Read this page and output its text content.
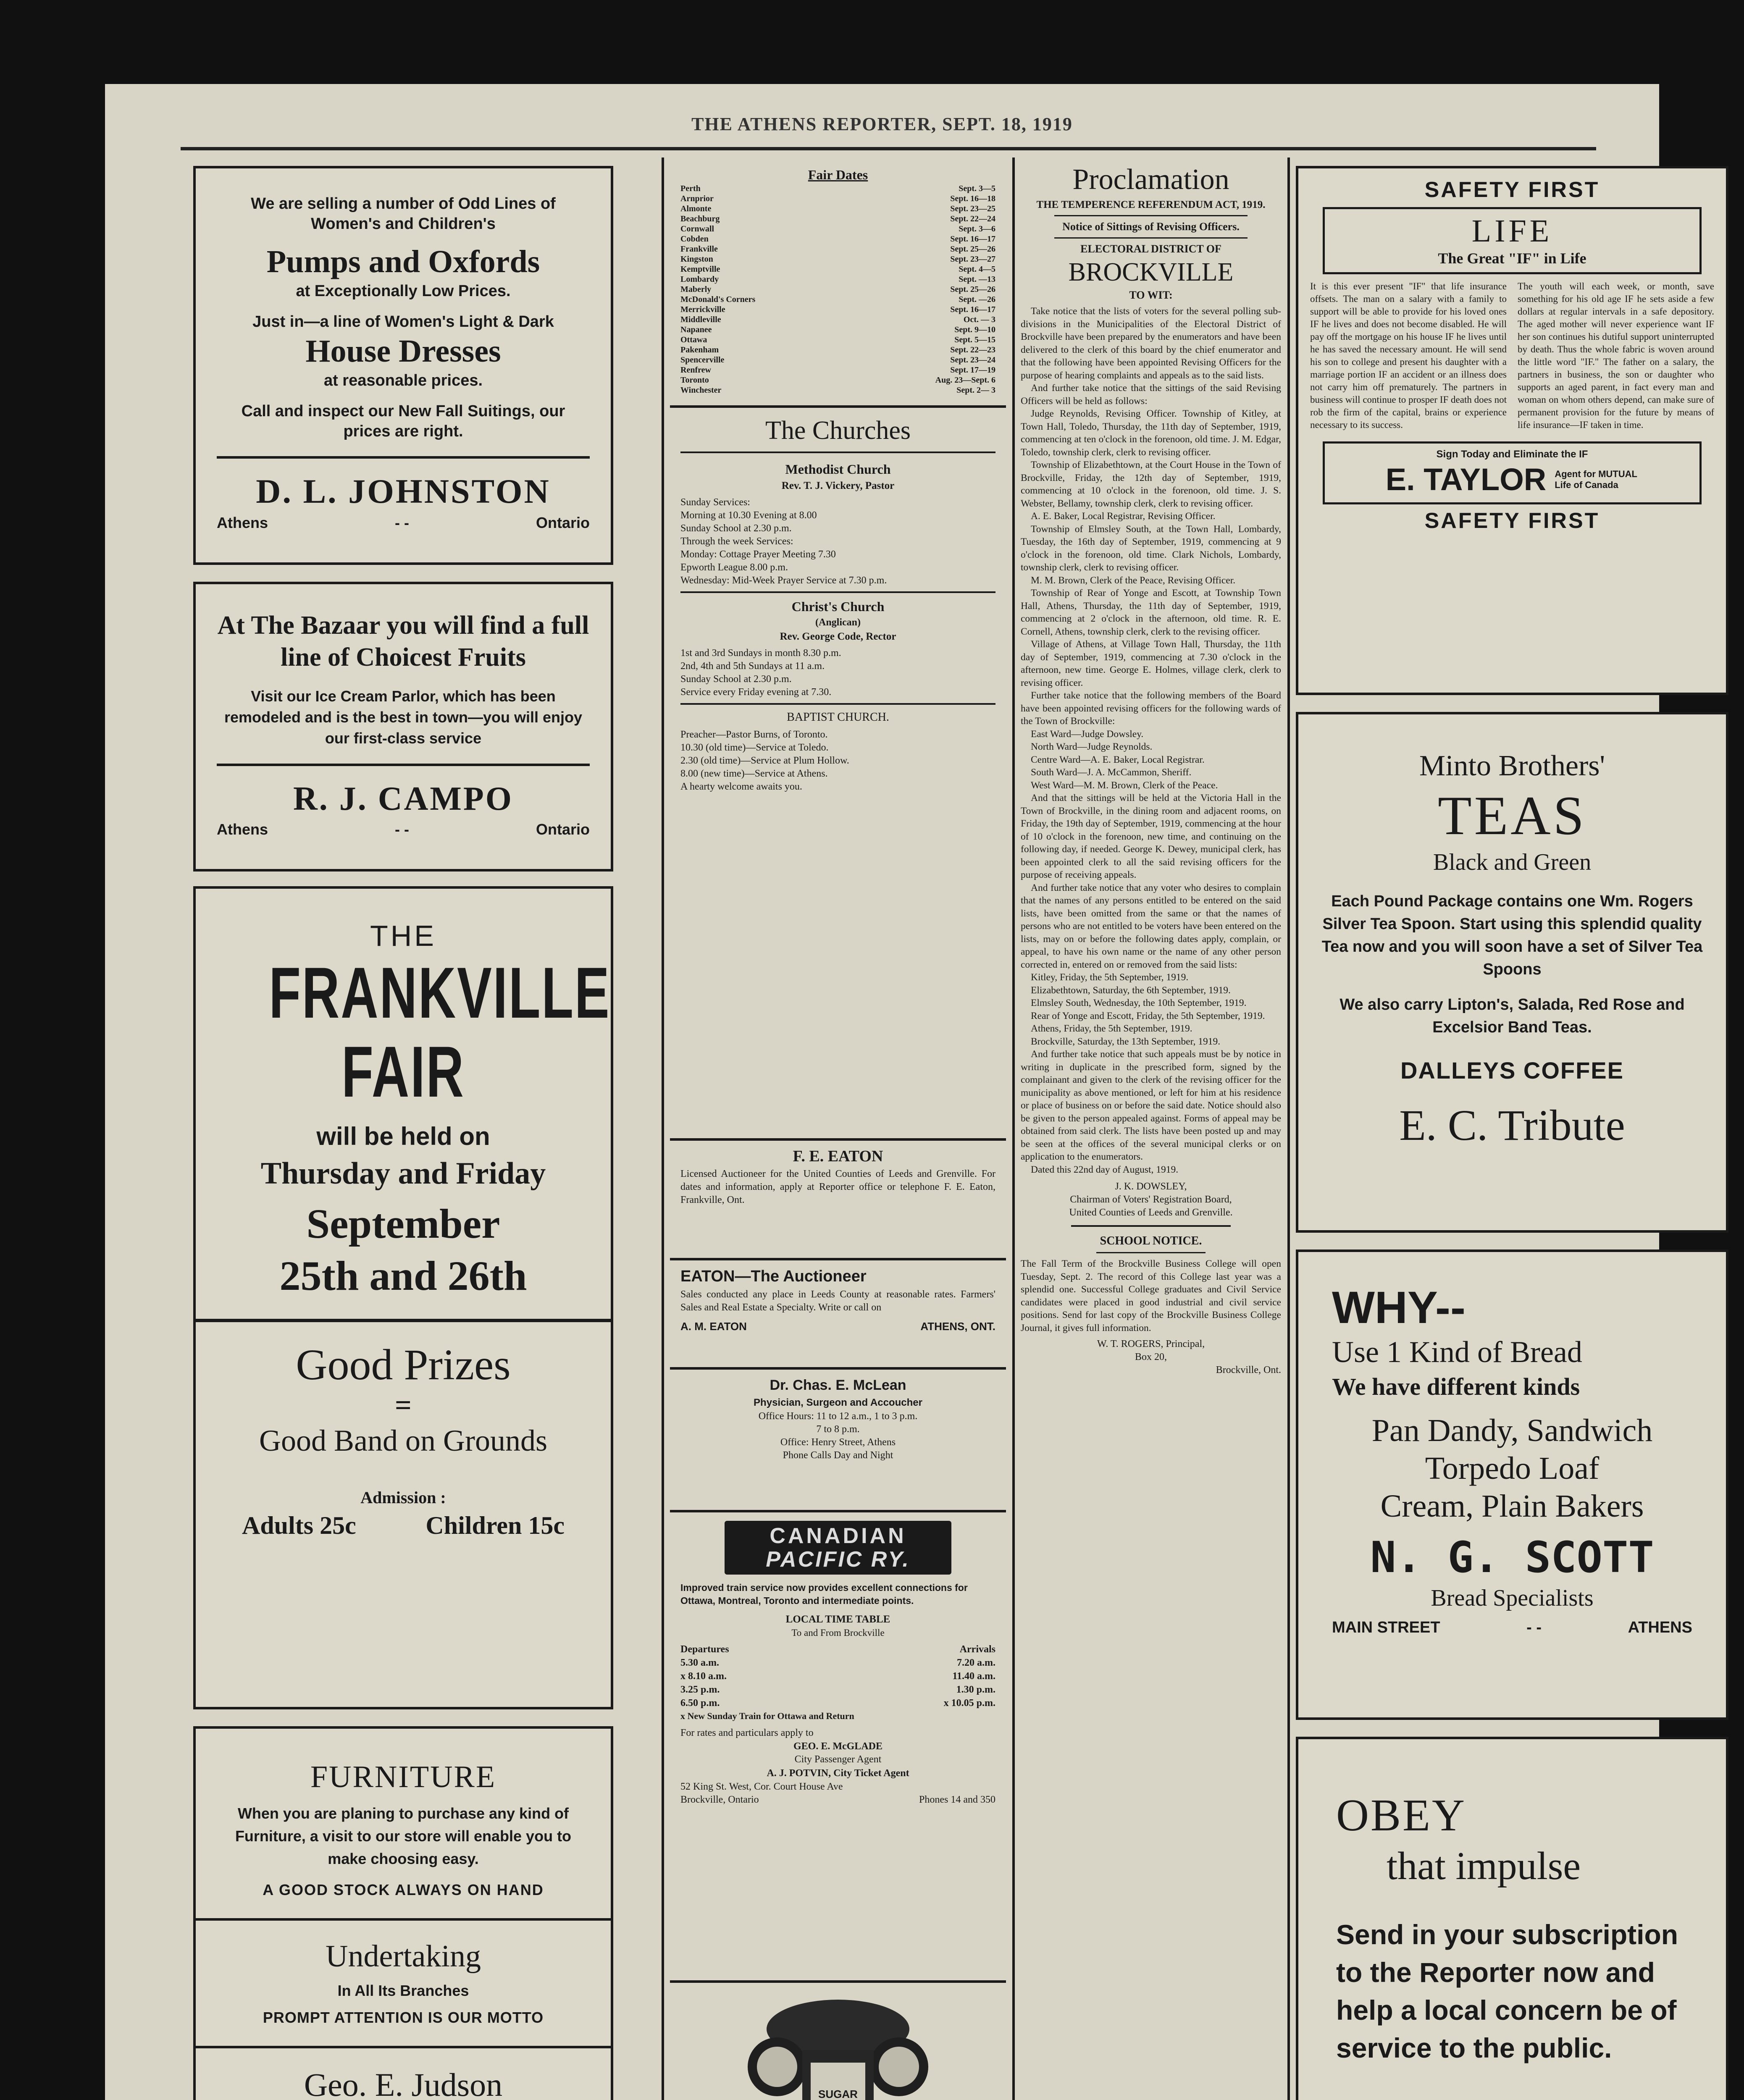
THE ATHENS REPORTER, SEPT. 18, 1919

We are selling a number of Odd Lines of Women's and Children's

Pumps and Oxfords

at Exceptionally Low Prices.

Just in—a line of Women's Light & Dark

House Dresses

at reasonable prices.

Call and inspect our New Fall Suitings, our prices are right.

D. L. JOHNSTON

Athens	- -	Ontario

At The Bazaar you will find a full line of Choicest Fruits

Visit our Ice Cream Parlor, which has been remodeled and is the best in town—you will enjoy our first-class service

R. J. CAMPO

Athens	- -	Ontario

THE

FRANKVILLE

FAIR

will be held on

Thursday and Friday

September

25th and 26th

Good Prizes

=

Good Band on Grounds

Admission :

Adults 25c	Children 15c

FURNITURE

When you are planing to purchase any kind of Furniture, a visit to our store will enable you to make choosing easy.

A GOOD STOCK ALWAYS ON HAND

Undertaking

In All Its Branches

PROMPT ATTENTION IS OUR MOTTO

Geo. E. Judson

Fair Dates

Perth	Sept. 3—5
Arnprior	Sept. 16—18
Almonte	Sept. 23—25
Beachburg	Sept. 22—24
Cornwall	Sept. 3—6
Cobden	Sept. 16—17
Frankville	Sept. 25—26
Kingston	Sept. 23—27
Kemptville	Sept. 4—5
Lombardy	Sept. —13
Maberly	Sept. 25—26
McDonald's Corners	Sept. —26
Merrickville	Sept. 16—17
Middleville	Oct. — 3
Napanee	Sept. 9—10
Ottawa	Sept. 5—15
Pakenham	Sept. 22—23
Spencerville	Sept. 23—24
Renfrew	Sept. 17—19
Toronto	Aug. 23—Sept. 6
Winchester	Sept. 2— 3

The Churches

Methodist Church

Rev. T. J. Vickery, Pastor

Sunday Services:
Morning at 10.30 Evening at 8.00
Sunday School at 2.30 p.m.
Through the week Services:
Monday: Cottage Prayer Meeting 7.30
Epworth League 8.00 p.m.
Wednesday: Mid-Week Prayer Service at 7.30 p.m.

Christ's Church

(Anglican)

Rev. George Code, Rector

1st and 3rd Sundays in month 8.30 p.m.
2nd, 4th and 5th Sundays at 11 a.m.
Sunday School at 2.30 p.m.
Service every Friday evening at 7.30.

BAPTIST CHURCH.

Preacher—Pastor Burns, of Toronto.
10.30 (old time)—Service at Toledo.
2.30 (old time)—Service at Plum Hollow.
8.00 (new time)—Service at Athens.
A hearty welcome awaits you.

F. E. EATON

Licensed Auctioneer for the United Counties of Leeds and Grenville. For dates and information, apply at Reporter office or telephone F. E. Eaton, Frankville, Ont.

EATON—The Auctioneer

Sales conducted any place in Leeds County at reasonable rates. Farmers' Sales and Real Estate a Specialty. Write or call on

A. M. EATON	ATHENS, ONT.

Dr. Chas. E. McLean

Physician, Surgeon and Accoucher

Office Hours: 11 to 12 a.m., 1 to 3 p.m.

7 to 8 p.m.

Office: Henry Street, Athens

Phone Calls Day and Night

CANADIAN

PACIFIC RY.

Improved train service now provides excellent connections for Ottawa, Montreal, Toronto and intermediate points.

LOCAL TIME TABLE

To and From Brockville

Departures	Arrivals
5.30 a.m.	7.20 a.m.
x 8.10 a.m.	11.40 a.m.
3.25 p.m.	1.30 p.m.
6.50 p.m.	x 10.05 p.m.

x New Sunday Train for Ottawa and Return

For rates and particulars apply to

GEO. E. McGLADE

City Passenger Agent

A. J. POTVIN, City Ticket Agent

52 King St. West, Cor. Court House Ave

Brockville, Ontario	Phones 14 and 350
SUGAR

Proclamation

THE TEMPERENCE REFERENDUM ACT, 1919.

Notice of Sittings of Revising Officers.

ELECTORAL DISTRICT OF

BROCKVILLE

TO WIT:

Take notice that the lists of voters for the several polling sub-divisions in the Municipalities of the Electoral District of Brockville have been prepared by the enumerators and have been delivered to the clerk of this board by the chief enumerator and that the following have been appointed Revising Officers for the purpose of hearing complaints and appeals as to the said lists.

And further take notice that the sittings of the said Revising Officers will be held as follows:

Judge Reynolds, Revising Officer. Township of Kitley, at Town Hall, Toledo, Thursday, the 11th day of September, 1919, commencing at ten o'clock in the forenoon, old time. J. M. Edgar, Toledo, township clerk, clerk to revising officer.

Township of Elizabethtown, at the Court House in the Town of Brockville, Friday, the 12th day of September, 1919, commencing at 10 o'clock in the forenoon, old time. J. S. Webster, Bellamy, township clerk, clerk to revising officer.

A. E. Baker, Local Registrar, Revising Officer.

Township of Elmsley South, at the Town Hall, Lombardy, Tuesday, the 16th day of September, 1919, commencing at 9 o'clock in the forenoon, old time. Clark Nichols, Lombardy, township clerk, clerk to revising officer.

M. M. Brown, Clerk of the Peace, Revising Officer.

Township of Rear of Yonge and Escott, at Township Town Hall, Athens, Thursday, the 11th day of September, 1919, commencing at 2 o'clock in the afternoon, old time. R. E. Cornell, Athens, township clerk, clerk to the revising officer.

Village of Athens, at Village Town Hall, Thursday, the 11th day of September, 1919, commencing at 7.30 o'clock in the afternoon, new time. George E. Holmes, village clerk, clerk to revising officer.

Further take notice that the following members of the Board have been appointed revising officers for the following wards of the Town of Brockville:

East Ward—Judge Dowsley.

North Ward—Judge Reynolds.

Centre Ward—A. E. Baker, Local Registrar.

South Ward—J. A. McCammon, Sheriff.

West Ward—M. M. Brown, Clerk of the Peace.

And that the sittings will be held at the Victoria Hall in the Town of Brockville, in the dining room and adjacent rooms, on Friday, the 19th day of September, 1919, commencing at the hour of 10 o'clock in the forenoon, new time, and continuing on the following day, if needed. George K. Dewey, municipal clerk, has been appointed clerk to all the said revising officers for the purpose of receiving appeals.

And further take notice that any voter who desires to complain that the names of any persons entitled to be entered on the said lists, have been omitted from the same or that the names of persons who are not entitled to be voters have been entered on the lists, may on or before the following dates apply, complain, or appeal, to have his own name or the name of any other person corrected in, entered on or removed from the said lists:

Kitley, Friday, the 5th September, 1919.

Elizabethtown, Saturday, the 6th September, 1919.

Elmsley South, Wednesday, the 10th September, 1919.

Rear of Yonge and Escott, Friday, the 5th September, 1919.

Athens, Friday, the 5th September, 1919.

Brockville, Saturday, the 13th September, 1919.

And further take notice that such appeals must be by notice in writing in duplicate in the prescribed form, signed by the complainant and given to the clerk of the revising officer for the municipality as above mentioned, or left for him at his residence or place of business on or before the said date. Notice should also be given to the person appealed against. Forms of appeal may be obtained from said clerk. The lists have been posted up and may be seen at the offices of the several municipal clerks or on application to the enumerators.

Dated this 22nd day of August, 1919.

J. K. DOWSLEY,

Chairman of Voters' Registration Board,

United Counties of Leeds and Grenville.

SCHOOL NOTICE.

The Fall Term of the Brockville Business College will open Tuesday, Sept. 2. The record of this College last year was a splendid one. Successful College graduates and Civil Service candidates were placed in good industrial and civil service positions. Send for last copy of the Brockville Business College Journal, it gives full information.

W. T. ROGERS, Principal,

Box 20,

Brockville, Ont.

SAFETY FIRST

LIFE

The Great "IF" in Life

It is this ever present "IF" that life insurance offsets. The man on a salary with a family to support will be able to provide for his loved ones IF he lives and does not become disabled. He will pay off the mortgage on his house IF he lives until he has saved the necessary amount. He will send his son to college and present his daughter with a marriage portion IF an accident or an illness does not carry him off prematurely. The partners in business will continue to prosper IF death does not rob the firm of the capital, brains or experience necessary to its success.

The youth will each week, or month, save something for his old age IF he sets aside a few dollars at regular intervals in a safe depository. The aged mother will never experience want IF her son continues his dutiful support uninterrupted by death. Thus the whole fabric is woven around the little word "IF." The father on a salary, the partners in business, the son or daughter who supports an aged parent, in fact every man and woman on whom others depend, can make sure of permanent provision for the future by means of life insurance—IF taken in time.

Sign Today and Eliminate the IF

E. TAYLOR Agent for MUTUAL Life of Canada

SAFETY FIRST

Minto Brothers'

TEAS

Black and Green

Each Pound Package contains one Wm. Rogers Silver Tea Spoon. Start using this splendid quality Tea now and you will soon have a set of Silver Tea Spoons

We also carry Lipton's, Salada, Red Rose and Excelsior Band Teas.

DALLEYS COFFEE

E. C. Tribute

WHY--

Use 1 Kind of Bread

We have different kinds

Pan Dandy, Sandwich

Torpedo Loaf

Cream, Plain Bakers

N. G. SCOTT

Bread Specialists

MAIN STREET	- -	ATHENS

OBEY

that impulse

Send in your subscription to the Reporter now and help a local concern be of service to the public.
